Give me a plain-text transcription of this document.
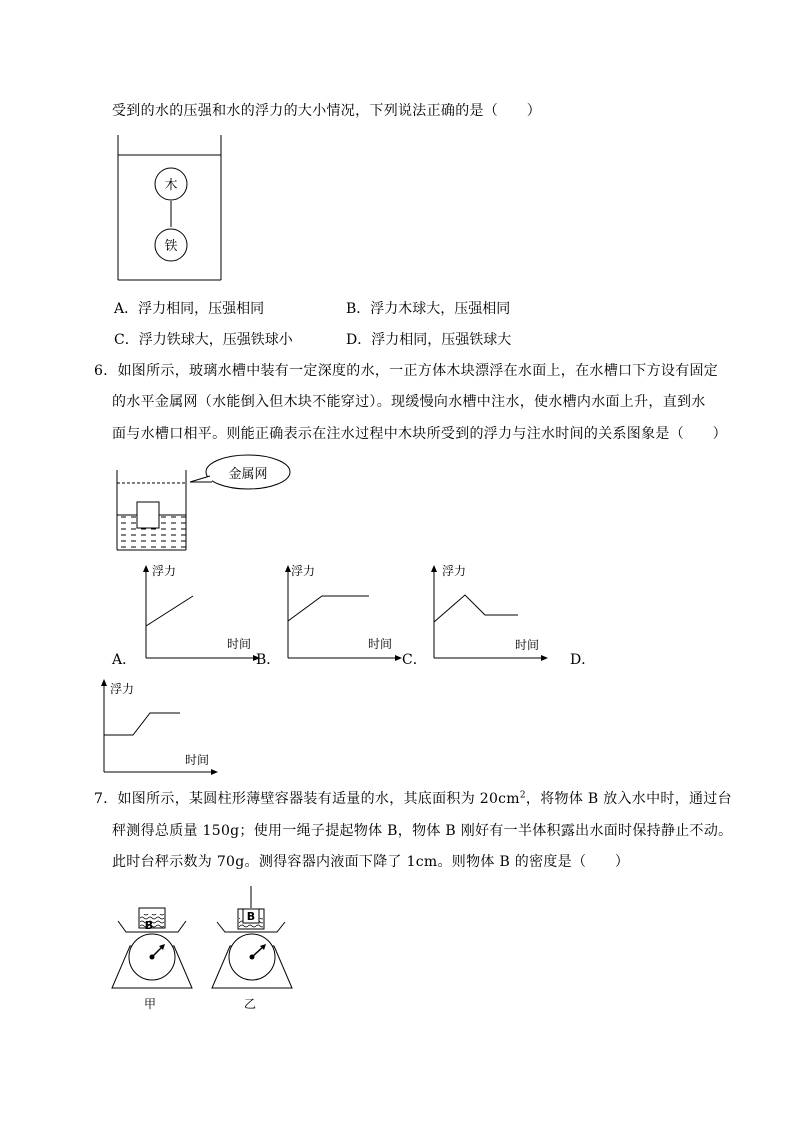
受到的水的压强和水的浮力的大小情况，下列说法正确的是（　　）
木
铁
A．浮力相同，压强相同	B．浮力木球大，压强相同
C．浮力铁球大，压强铁球小	D．浮力相同，压强铁球大
6．如图所示，玻璃水槽中装有一定深度的水，一正方体木块漂浮在水面上，在水槽口下方设有固定
的水平金属网（水能倒入但木块不能穿过）。现缓慢向水槽中注水，使水槽内水面上升，直到水
面与水槽口相平。则能正确表示在注水过程中木块所受到的浮力与注水时间的关系图象是（　　）
金属网
浮力
时间
A．
浮力
时间
B．
浮力
时间
C．	D．
浮力
时间
7．如图所示，某圆柱形薄壁容器装有适量的水，其底面积为 $20cm^2$，将物体 B 放入水中时，通过台
秤测得总质量 150g；使用一绳子提起物体 B，物体 B 刚好有一半体积露出水面时保持静止不动。
此时台秤示数为 70g。测得容器内液面下降了 1cm。则物体 B 的密度是（　　）
B
甲
B
乙
